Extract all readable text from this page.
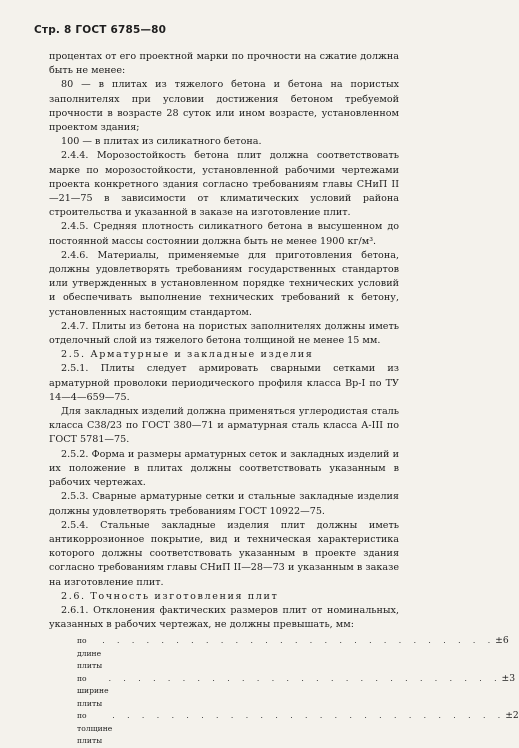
Стр. 8 ГОСТ 6785—80

процентах от его проектной марки по прочности на сжатие должна быть не менее:

80 — в плитах из тяжелого бетона и бетона на пористых заполнителях при условии достижения бетоном требуемой прочности в возрасте 28 суток или ином возрасте, установленном проектом здания;

100 — в плитах из силикатного бетона.

2.4.4. Морозостойкость бетона плит должна соответствовать марке по морозостойкости, установленной рабочими чертежами проекта конкретного здания согласно требованиям главы СНиП II—21—75 в зависимости от климатических условий района строительства и указанной в заказе на изготовление плит.

2.4.5. Средняя плотность силикатного бетона в высушенном до постоянной массы состоянии должна быть не менее 1900 кг/м³.

2.4.6. Материалы, применяемые для приготовления бетона, должны удовлетворять требованиям государственных стандартов или утвержденных в установленном порядке технических условий и обеспечивать выполнение технических требований к бетону, установленных настоящим стандартом.

2.4.7. Плиты из бетона на пористых заполнителях должны иметь отделочный слой из тяжелого бетона толщиной не менее 15 мм.

2.5. Арматурные и закладные изделия

2.5.1. Плиты следует армировать сварными сетками из арматурной проволоки периодического профиля класса Вр-I по ТУ 14—4—659—75.

Для закладных изделий должна применяться углеродистая сталь класса С38/23 по ГОСТ 380—71 и арматурная сталь класса А-III по ГОСТ 5781—75.

2.5.2. Форма и размеры арматурных сеток и закладных изделий и их положение в плитах должны соответствовать указанным в рабочих чертежах.

2.5.3. Сварные арматурные сетки и стальные закладные изделия должны удовлетворять требованиям ГОСТ 10922—75.

2.5.4. Стальные закладные изделия плит должны иметь антикоррозионное покрытие, вид и техническая характеристика которого должны соответствовать указанным в проекте здания согласно требованиям главы СНиП II—28—73 и указанным в заказе на изготовление плит.

2.6. Точность изготовления плит

2.6.1. Отклонения фактических размеров плит от номинальных, указанных в рабочих чертежах, не должны превышать, мм:

по длине плиты
. . . . . . . . . . . . . . . . . . . . . . . . . . . ±6
по ширине плиты
. . . . . . . . . . . . . . . . . . . . . . . . . . . ±3
по толщине плиты
. . . . . . . . . . . . . . . . . . . . . . . . . . . ±2
